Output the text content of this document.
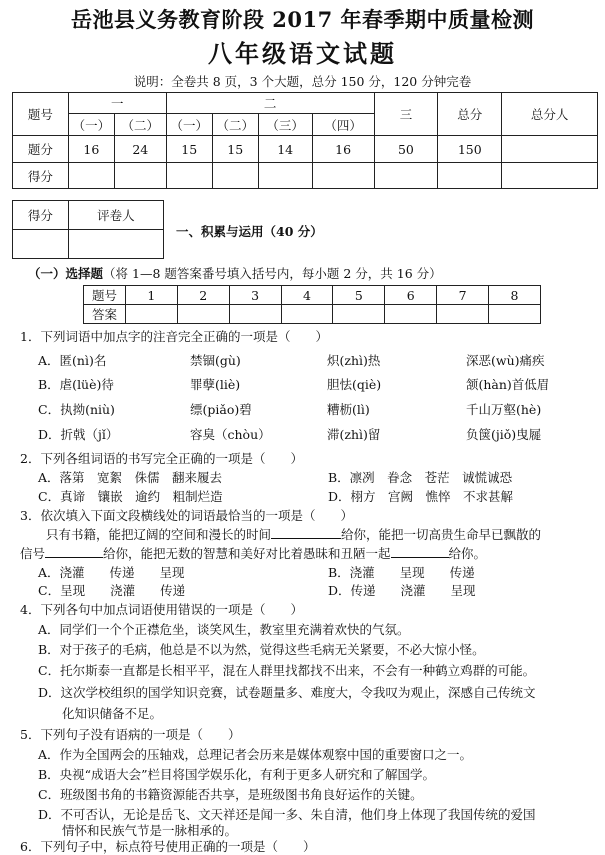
岳池县义务教育阶段 2017 年春季期中质量检测
八年级语文试题
说明：全卷共 8 页，3 个大题，总分 150 分，120 分钟完卷
题号	一		二				三	总分	总分人
	（一）	（二）	（一）	（二）	（三）	（四）			
题分	16	24	15	15	14	16	50	150	
得分									
得分	评卷人

一、积累与运用（40 分）
（一）选择题（将 1—8 题答案番号填入括号内，每小题 2 分，共 16 分）
题号	1	2	3	4	5	6	7	8
答案								
1．下列词语中加点字的注音完全正确的一项是（　　）
A．匿(nì)名	禁锢(gù)	炽(zhì)热	深恶(wù)痛疾
B．虐(lüè)待	罪孽(liè)	胆怯(qiè)	颔(hàn)首低眉
C．执拗(niù)	缥(piǎo)碧	糟枥(lì)	千山万壑(hè)
D．折戟（jǐ）	容臭（chòu）	滞(zhì)留	负箧(jiǒ)曳屣
2．下列各组词语的书写完全正确的一项是（　　）
A．落第　宽絮　侏儒　翻来履去	B．凛冽　眷念　苍茫　诚慌诚恐
C．真谛　镶嵌　逾约　粗制烂造	D．栩方　宫阙　憔悴　不求甚解
3．依次填入下面文段横线处的词语最恰当的一项是（　　）
只有书籍，能把辽阔的空间和漫长的时间	给你，能把一切高贵生命早已飘散的
信号	给你，能把无数的智慧和美好对比着愚昧和丑陋一起	给你。
A．浇灌　　传递　　呈现	B．浇灌　　呈现　　传递
C．呈现　　浇灌　　传递	D．传递　　浇灌　　呈现
4．下列各句中加点词语使用错误的一项是（　　）
A．同学们一个个正襟危坐，谈笑风生，教室里充满着欢快的气氛。
B．对于孩子的毛病，他总是不以为然，觉得这些毛病无关紧要，不必大惊小怪。
C．托尔斯泰一直都是长相平平，混在人群里找都找不出来，不会有一种鹤立鸡群的可能。
D．这次学校组织的国学知识竞赛，试卷题量多、难度大，令我叹为观止，深感自己传统文
化知识储备不足。
5．下列句子没有语病的一项是（　　）
A．作为全国两会的压轴戏，总理记者会历来是媒体观察中国的重要窗口之一。
B．央视“成语大会”栏目将国学娱乐化，有利于更多人研究和了解国学。
C．班级图书角的书籍资源能否共享，是班级图书角良好运作的关键。
D．不可否认，无论是岳飞、文天祥还是闻一多、朱自清，他们身上体现了我国传统的爱国
情怀和民族气节是一脉相承的。
6．下列句子中，标点符号使用正确的一项是（　　）
